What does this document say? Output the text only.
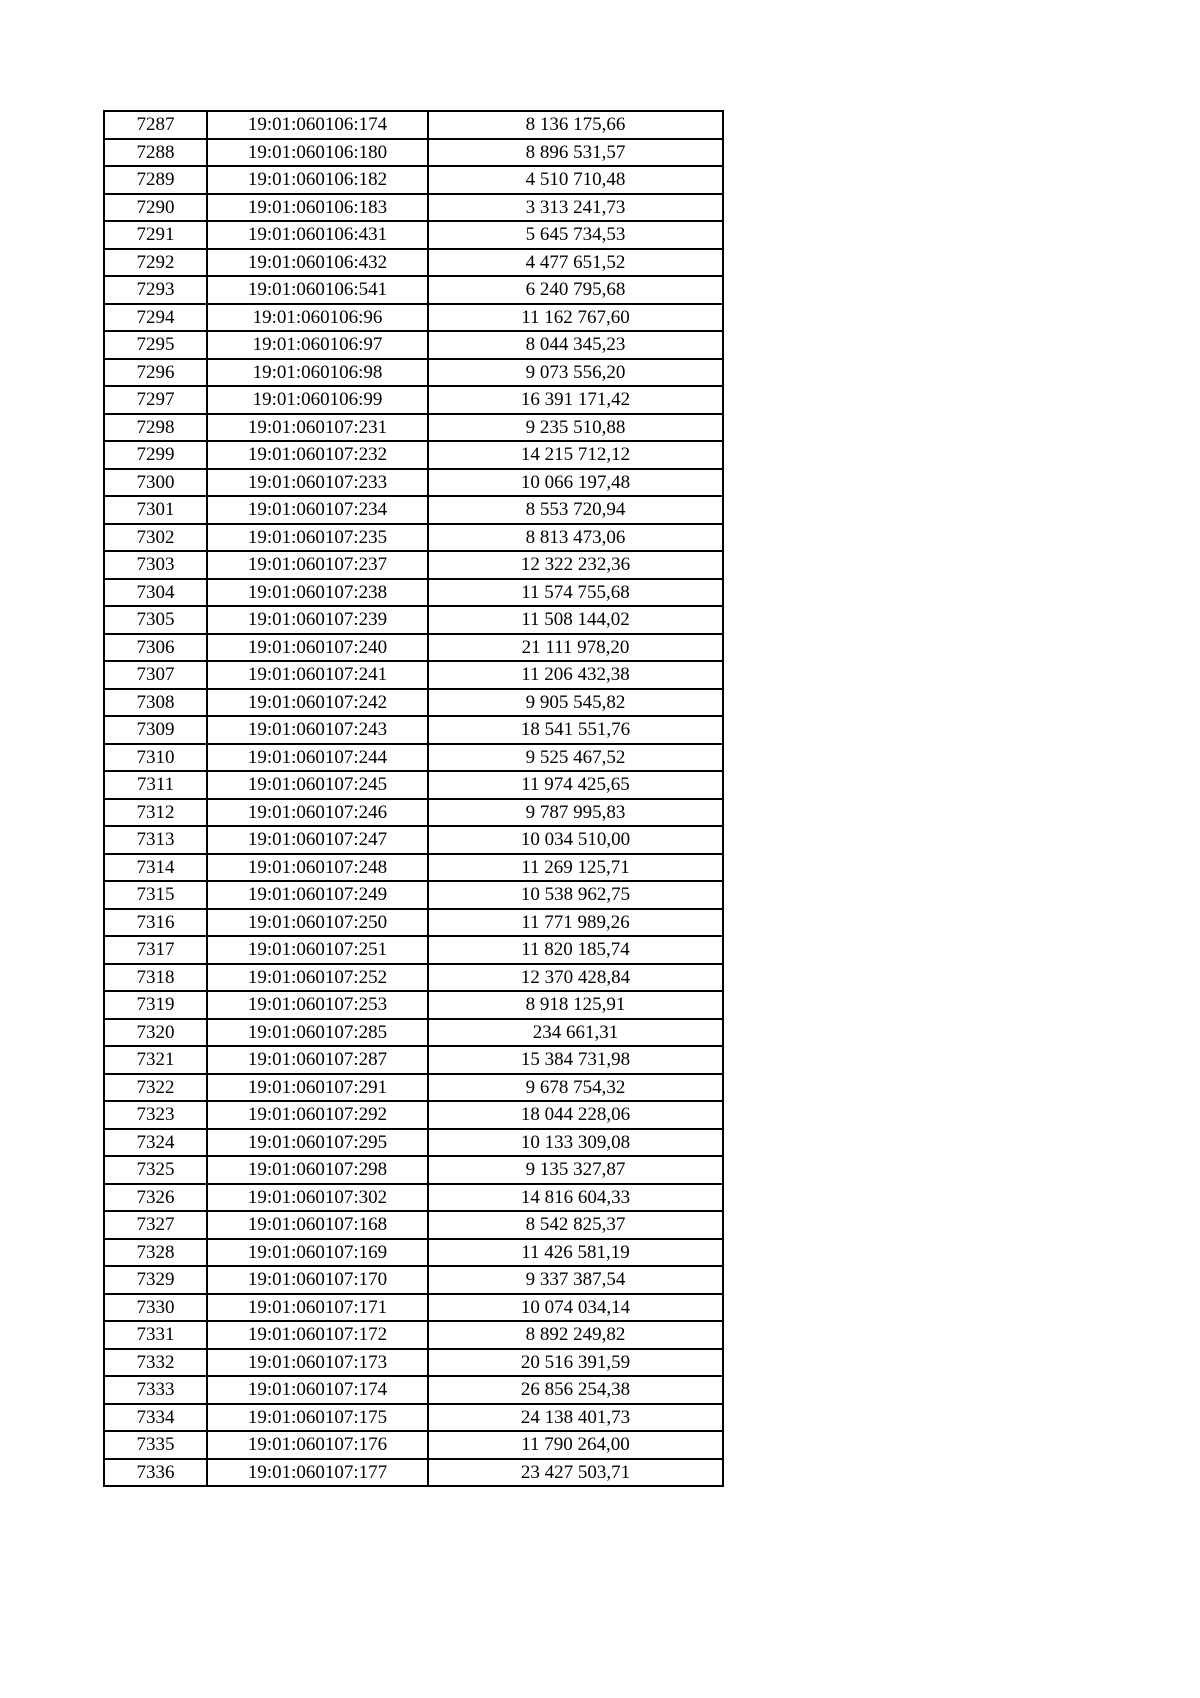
7287	19:01:060106:174	8 136 175,66
7288	19:01:060106:180	8 896 531,57
7289	19:01:060106:182	4 510 710,48
7290	19:01:060106:183	3 313 241,73
7291	19:01:060106:431	5 645 734,53
7292	19:01:060106:432	4 477 651,52
7293	19:01:060106:541	6 240 795,68
7294	19:01:060106:96	11 162 767,60
7295	19:01:060106:97	8 044 345,23
7296	19:01:060106:98	9 073 556,20
7297	19:01:060106:99	16 391 171,42
7298	19:01:060107:231	9 235 510,88
7299	19:01:060107:232	14 215 712,12
7300	19:01:060107:233	10 066 197,48
7301	19:01:060107:234	8 553 720,94
7302	19:01:060107:235	8 813 473,06
7303	19:01:060107:237	12 322 232,36
7304	19:01:060107:238	11 574 755,68
7305	19:01:060107:239	11 508 144,02
7306	19:01:060107:240	21 111 978,20
7307	19:01:060107:241	11 206 432,38
7308	19:01:060107:242	9 905 545,82
7309	19:01:060107:243	18 541 551,76
7310	19:01:060107:244	9 525 467,52
7311	19:01:060107:245	11 974 425,65
7312	19:01:060107:246	9 787 995,83
7313	19:01:060107:247	10 034 510,00
7314	19:01:060107:248	11 269 125,71
7315	19:01:060107:249	10 538 962,75
7316	19:01:060107:250	11 771 989,26
7317	19:01:060107:251	11 820 185,74
7318	19:01:060107:252	12 370 428,84
7319	19:01:060107:253	8 918 125,91
7320	19:01:060107:285	234 661,31
7321	19:01:060107:287	15 384 731,98
7322	19:01:060107:291	9 678 754,32
7323	19:01:060107:292	18 044 228,06
7324	19:01:060107:295	10 133 309,08
7325	19:01:060107:298	9 135 327,87
7326	19:01:060107:302	14 816 604,33
7327	19:01:060107:168	8 542 825,37
7328	19:01:060107:169	11 426 581,19
7329	19:01:060107:170	9 337 387,54
7330	19:01:060107:171	10 074 034,14
7331	19:01:060107:172	8 892 249,82
7332	19:01:060107:173	20 516 391,59
7333	19:01:060107:174	26 856 254,38
7334	19:01:060107:175	24 138 401,73
7335	19:01:060107:176	11 790 264,00
7336	19:01:060107:177	23 427 503,71
